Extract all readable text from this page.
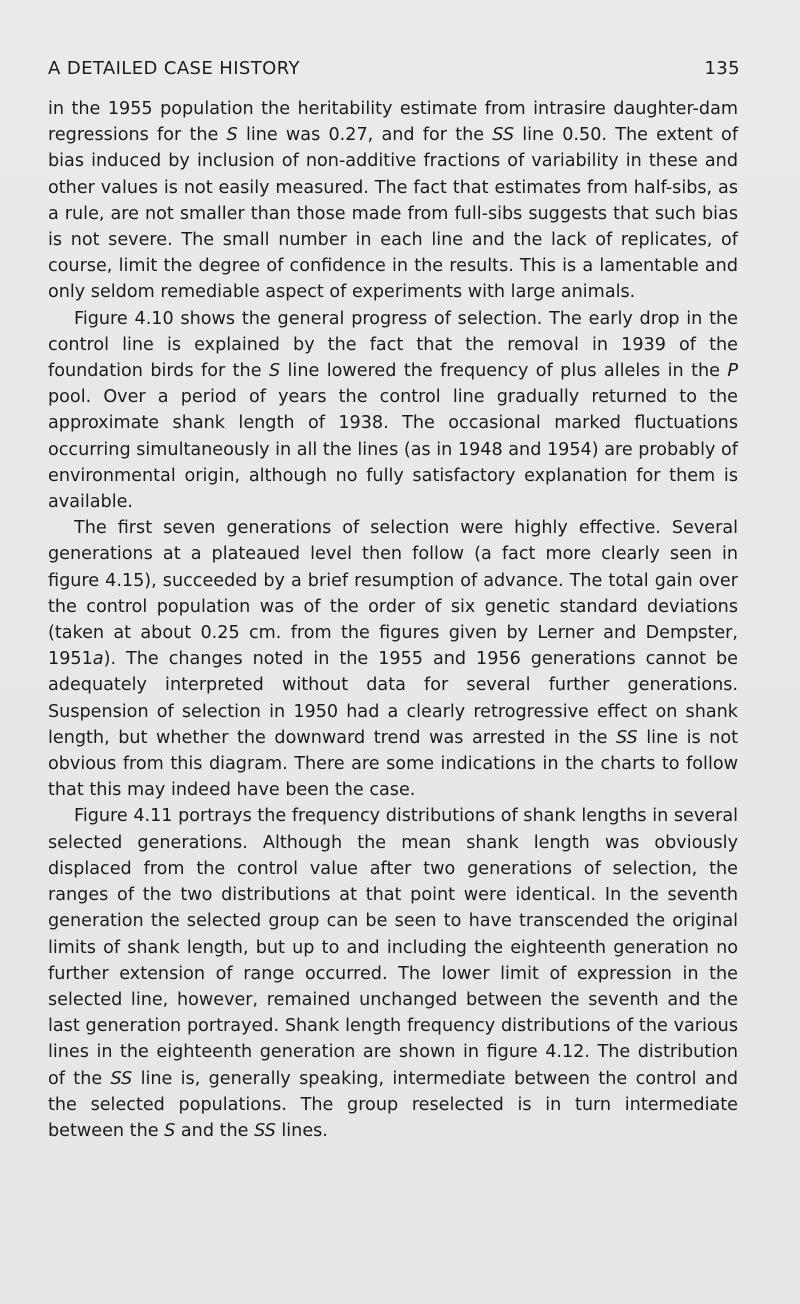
A DETAILED CASE HISTORY	135

in the 1955 population the heritability estimate from intrasire daughter-dam regressions for the S line was 0.27, and for the SS line 0.50. The extent of bias induced by inclusion of non-additive fractions of variability in these and other values is not easily measured. The fact that estimates from half-sibs, as a rule, are not smaller than those made from full-sibs suggests that such bias is not severe. The small number in each line and the lack of replicates, of course, limit the degree of confidence in the results. This is a lamentable and only seldom remediable aspect of experiments with large animals.

Figure 4.10 shows the general progress of selection. The early drop in the control line is explained by the fact that the removal in 1939 of the foundation birds for the S line lowered the frequency of plus alleles in the P pool. Over a period of years the control line gradually returned to the approximate shank length of 1938. The occasional marked fluctuations occurring simultaneously in all the lines (as in 1948 and 1954) are probably of environmental origin, although no fully satisfactory explanation for them is available.

The first seven generations of selection were highly effective. Several generations at a plateaued level then follow (a fact more clearly seen in figure 4.15), succeeded by a brief resumption of advance. The total gain over the control population was of the order of six genetic standard deviations (taken at about 0.25 cm. from the figures given by Lerner and Dempster, 1951a). The changes noted in the 1955 and 1956 generations cannot be adequately interpreted without data for several further generations. Suspension of selection in 1950 had a clearly retrogressive effect on shank length, but whether the downward trend was arrested in the SS line is not obvious from this diagram. There are some indications in the charts to follow that this may indeed have been the case.

Figure 4.11 portrays the frequency distributions of shank lengths in several selected generations. Although the mean shank length was obviously displaced from the control value after two generations of selection, the ranges of the two distributions at that point were identical. In the seventh generation the selected group can be seen to have transcended the original limits of shank length, but up to and including the eighteenth generation no further extension of range occurred. The lower limit of expression in the selected line, however, remained unchanged between the seventh and the last generation portrayed. Shank length frequency distributions of the various lines in the eighteenth generation are shown in figure 4.12. The distribution of the SS line is, generally speaking, intermediate between the control and the selected populations. The group reselected is in turn intermediate between the S and the SS lines.
